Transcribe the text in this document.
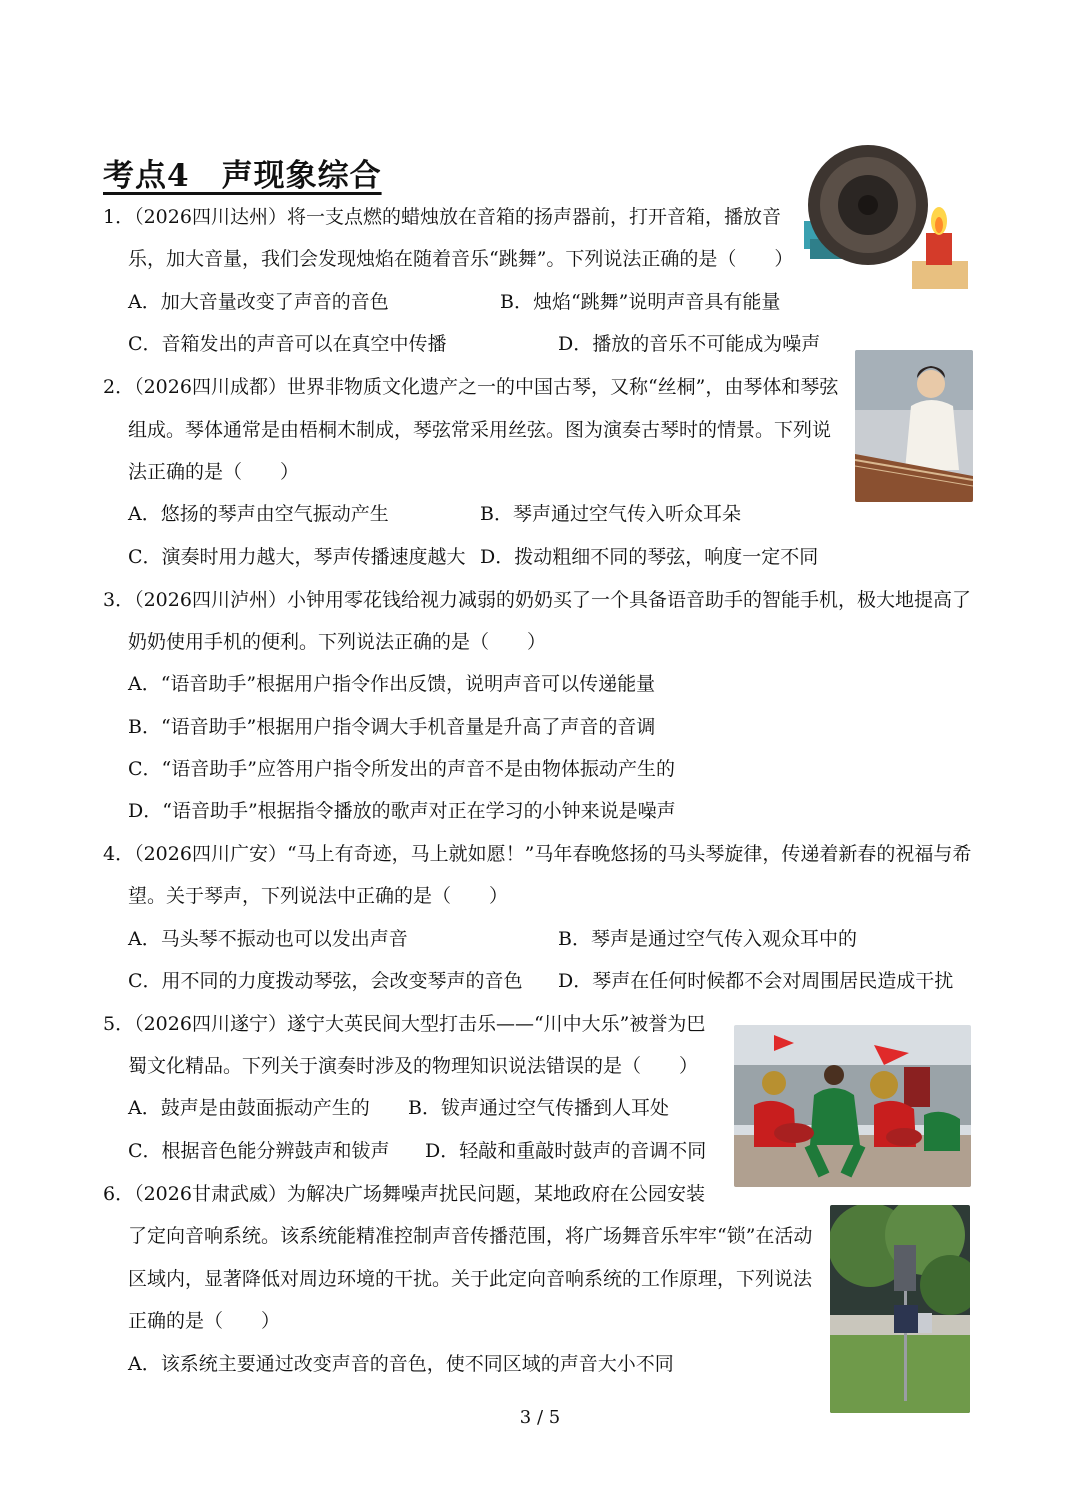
考点4　声现象综合
1．（2026四川达州）将一支点燃的蜡烛放在音箱的扬声器前，打开音箱，播放音
乐，加大音量，我们会发现烛焰在随着音乐“跳舞”。下列说法正确的是（　　）
A．加大音量改变了声音的音色	B．烛焰“跳舞”说明声音具有能量
C．音箱发出的声音可以在真空中传播	D．播放的音乐不可能成为噪声
2．（2026四川成都）世界非物质文化遗产之一的中国古琴，又称“丝桐”，由琴体和琴弦
组成。琴体通常是由梧桐木制成，琴弦常采用丝弦。图为演奏古琴时的情景。下列说
法正确的是（　　）
A．悠扬的琴声由空气振动产生	B．琴声通过空气传入听众耳朵
C．演奏时用力越大，琴声传播速度越大 D．拨动粗细不同的琴弦，响度一定不同
3．（2026四川泸州）小钟用零花钱给视力减弱的奶奶买了一个具备语音助手的智能手机，极大地提高了
奶奶使用手机的便利。下列说法正确的是（　　）
A．“语音助手”根据用户指令作出反馈，说明声音可以传递能量
B．“语音助手”根据用户指令调大手机音量是升高了声音的音调
C．“语音助手”应答用户指令所发出的声音不是由物体振动产生的
D．“语音助手”根据指令播放的歌声对正在学习的小钟来说是噪声
4．（2026四川广安）“马上有奇迹，马上就如愿！”马年春晚悠扬的马头琴旋律，传递着新春的祝福与希
望。关于琴声，下列说法中正确的是（　　）
A．马头琴不振动也可以发出声音	B．琴声是通过空气传入观众耳中的
C．用不同的力度拨动琴弦，会改变琴声的音色 D．琴声在任何时候都不会对周围居民造成干扰
5．（2026四川遂宁）遂宁大英民间大型打击乐——“川中大乐”被誉为巴
蜀文化精品。下列关于演奏时涉及的物理知识说法错误的是（　　）
A．鼓声是由鼓面振动产生的 B．钹声通过空气传播到人耳处
C．根据音色能分辨鼓声和钹声 D．轻敲和重敲时鼓声的音调不同
6．（2026甘肃武威）为解决广场舞噪声扰民问题，某地政府在公园安装
了定向音响系统。该系统能精准控制声音传播范围，将广场舞音乐牢牢“锁”在活动
区域内，显著降低对周边环境的干扰。关于此定向音响系统的工作原理，下列说法
正确的是（　　）
A．该系统主要通过改变声音的音色，使不同区域的声音大小不同
3 / 5
